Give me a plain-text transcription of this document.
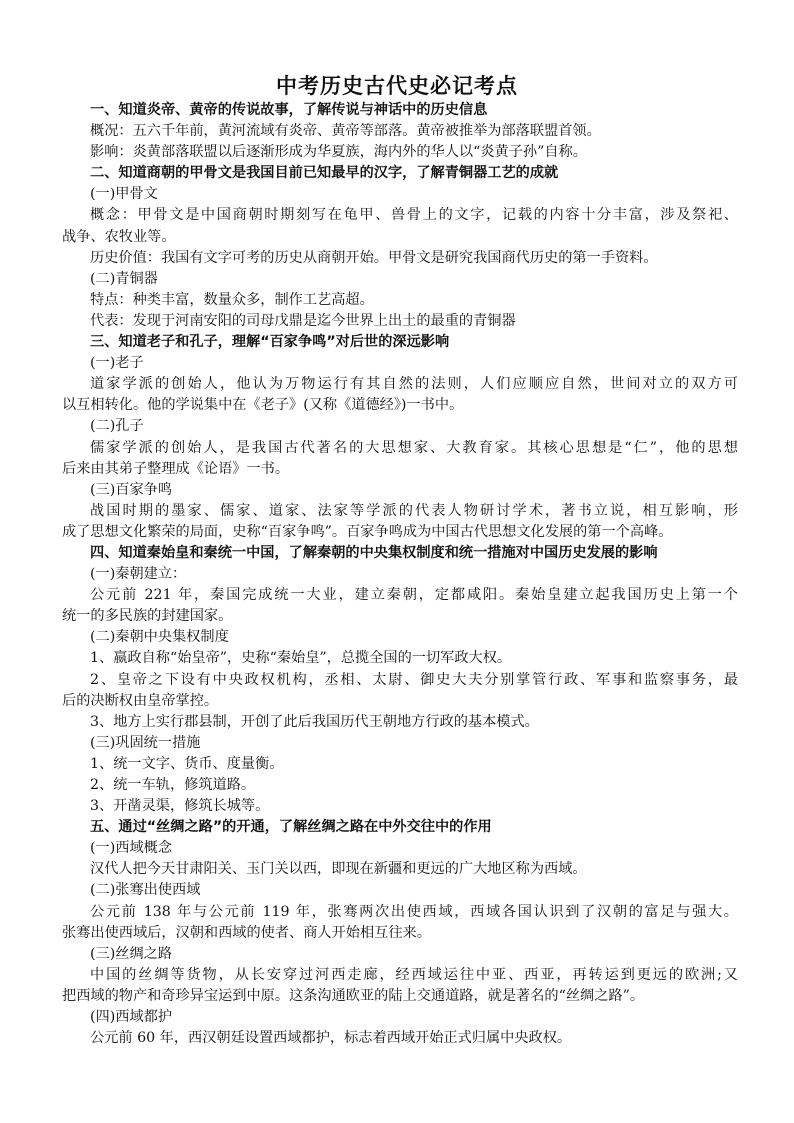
中考历史古代史必记考点
一、知道炎帝、黄帝的传说故事，了解传说与神话中的历史信息
概况：五六千年前，黄河流域有炎帝、黄帝等部落。黄帝被推举为部落联盟首领。
影响：炎黄部落联盟以后逐渐形成为华夏族，海内外的华人以“炎黄子孙”自称。
二、知道商朝的甲骨文是我国目前已知最早的汉字，了解青铜器工艺的成就
(一)甲骨文
概念：甲骨文是中国商朝时期刻写在龟甲、兽骨上的文字，记载的内容十分丰富，涉及祭祀、
战争、农牧业等。
历史价值：我国有文字可考的历史从商朝开始。甲骨文是研究我国商代历史的第一手资料。
(二)青铜器
特点：种类丰富，数量众多，制作工艺高超。
代表：发现于河南安阳的司母戊鼎是迄今世界上出土的最重的青铜器
三、知道老子和孔子，理解“百家争鸣”对后世的深远影响
(一)老子
道家学派的创始人，他认为万物运行有其自然的法则，人们应顺应自然，世间对立的双方可
以互相转化。他的学说集中在《老子》(又称《道德经》)一书中。
(二)孔子
儒家学派的创始人，是我国古代著名的大思想家、大教育家。其核心思想是“仁”，他的思想
后来由其弟子整理成《论语》一书。
(三)百家争鸣
战国时期的墨家、儒家、道家、法家等学派的代表人物研讨学术，著书立说，相互影响，形
成了思想文化繁荣的局面，史称“百家争鸣”。百家争鸣成为中国古代思想文化发展的第一个高峰。
四、知道秦始皇和秦统一中国，了解秦朝的中央集权制度和统一措施对中国历史发展的影响
(一)秦朝建立：
公元前 221 年，秦国完成统一大业，建立秦朝，定都咸阳。秦始皇建立起我国历史上第一个
统一的多民族的封建国家。
(二)秦朝中央集权制度
1、嬴政自称“始皇帝”，史称“秦始皇”，总揽全国的一切军政大权。
2、皇帝之下设有中央政权机构，丞相、太尉、御史大夫分别掌管行政、军事和监察事务，最
后的决断权由皇帝掌控。
3、地方上实行郡县制，开创了此后我国历代王朝地方行政的基本模式。
(三)巩固统一措施
1、统一文字、货币、度量衡。
2、统一车轨，修筑道路。
3、开凿灵渠，修筑长城等。
五、通过“丝绸之路”的开通，了解丝绸之路在中外交往中的作用
(一)西域概念
汉代人把今天甘肃阳关、玉门关以西，即现在新疆和更远的广大地区称为西域。
(二)张骞出使西域
公元前 138 年与公元前 119 年，张骞两次出使西域，西域各国认识到了汉朝的富足与强大。
张骞出使西域后，汉朝和西域的使者、商人开始相互往来。
(三)丝绸之路
中国的丝绸等货物，从长安穿过河西走廊，经西域运往中亚、西亚，再转运到更远的欧洲;又
把西域的物产和奇珍异宝运到中原。这条沟通欧亚的陆上交通道路，就是著名的“丝绸之路”。
(四)西域都护
公元前 60 年，西汉朝廷设置西域都护，标志着西域开始正式归属中央政权。
